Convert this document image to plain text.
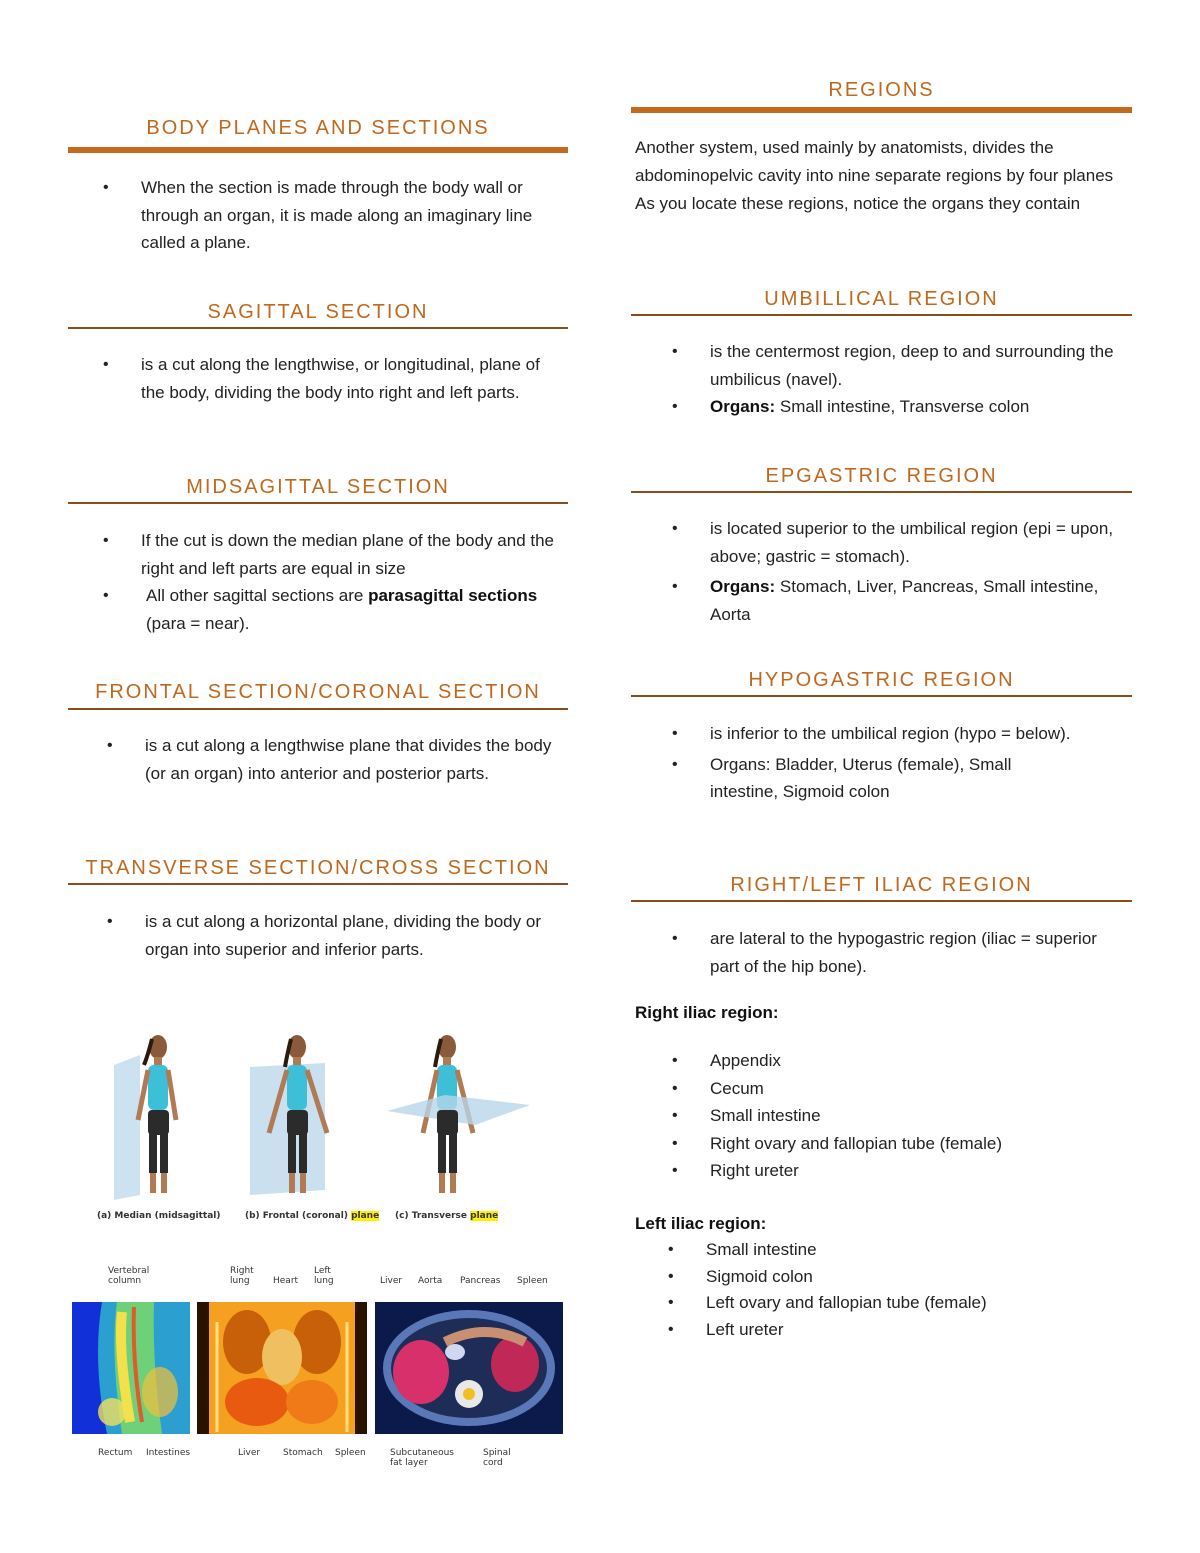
BODY PLANES AND SECTIONS
• When the section is made through the body wall or through an organ, it is made along an imaginary line called a plane.
SAGITTAL SECTION
• is a cut along the lengthwise, or longitudinal, plane of the body, dividing the body into right and left parts.
MIDSAGITTAL SECTION
• If the cut is down the median plane of the body and the right and left parts are equal in size
• All other sagittal sections are parasagittal sections (para = near).
FRONTAL SECTION/CORONAL SECTION
• is a cut along a lengthwise plane that divides the body (or an organ) into anterior and posterior parts.
TRANSVERSE SECTION/CROSS SECTION
• is a cut along a horizontal plane, dividing the body or organ into superior and inferior parts.
(a) Median (midsagittal)	(b) Frontal (coronal) plane (c) Transverse plane
Vertebral column
Right lung	Heart
Left lung	Liver Aorta Pancreas Spleen
Rectum Intestines	Liver	Stomach Spleen	Subcutaneous fat layer
Spinal cord
REGIONS

Another system, used mainly by anatomists, divides the abdominopelvic cavity into nine separate regions by four planes As you locate these regions, notice the organs they contain

UMBILLICAL REGION
• is the centermost region, deep to and surrounding the umbilicus (navel).
• Organs: Small intestine, Transverse colon
EPGASTRIC REGION
• is located superior to the umbilical region (epi = upon, above; gastric = stomach).
• Organs: Stomach, Liver, Pancreas, Small intestine, Aorta
HYPOGASTRIC REGION
• is inferior to the umbilical region (hypo = below).
• Organs: Bladder, Uterus (female), Small intestine, Sigmoid colon
RIGHT/LEFT ILIAC REGION
• are lateral to the hypogastric region (iliac = superior part of the hip bone).
Right iliac region:
• Appendix
• Cecum
• Small intestine
• Right ovary and fallopian tube (female)
• Right ureter
Left iliac region:
• Small intestine
• Sigmoid colon
• Left ovary and fallopian tube (female)
• Left ureter
